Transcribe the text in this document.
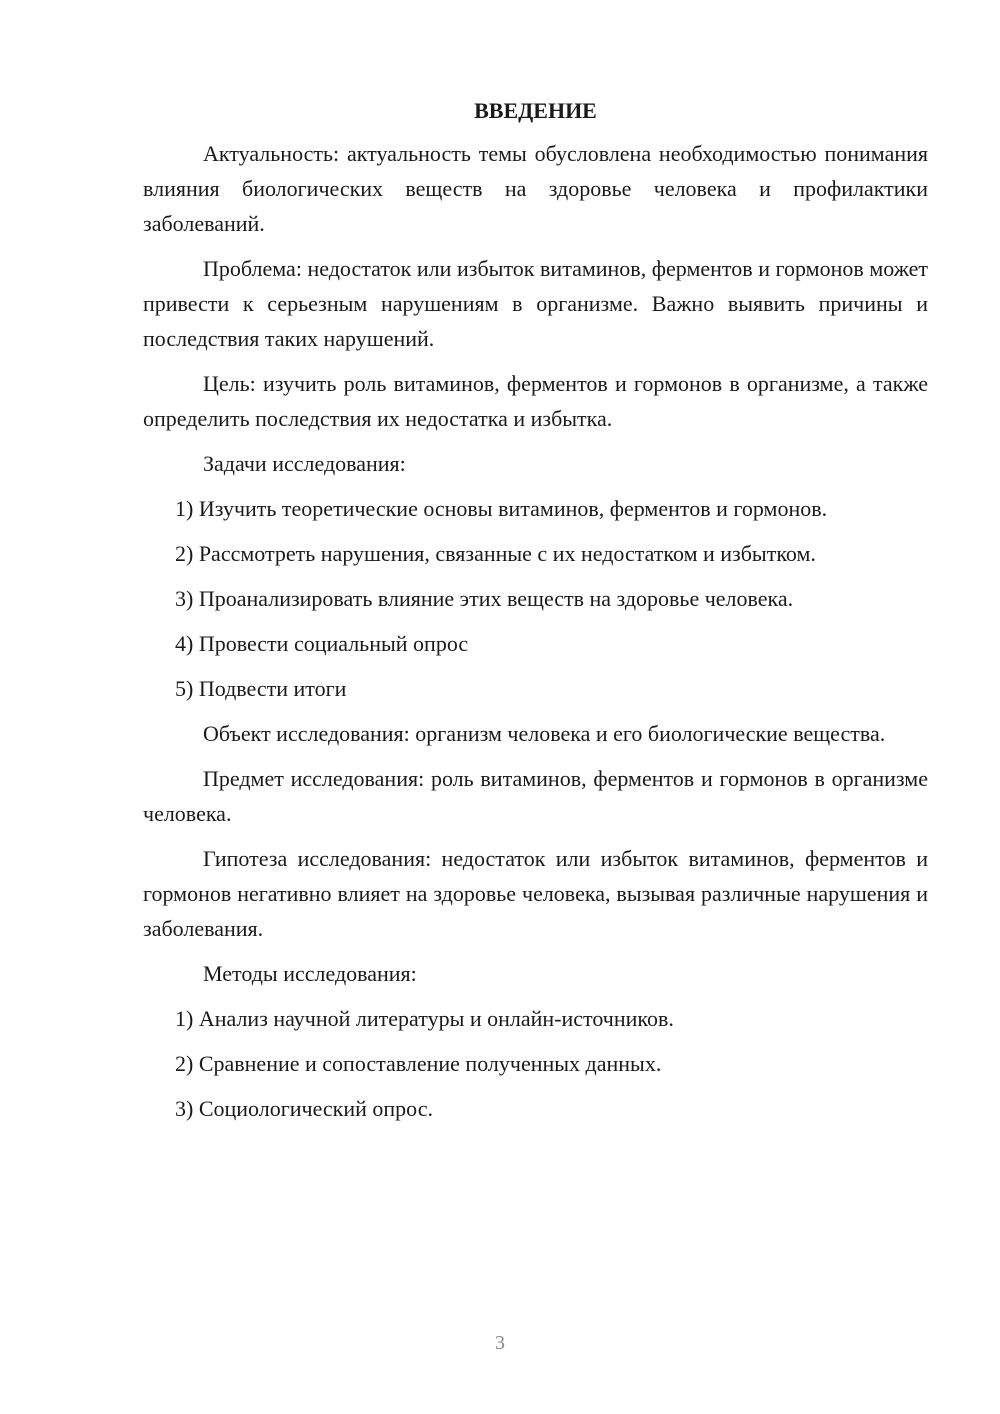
ВВЕДЕНИЕ

Актуальность: актуальность темы обусловлена необходимостью понимания влияния биологических веществ на здоровье человека и профилактики заболеваний.

Проблема: недостаток или избыток витаминов, ферментов и гормонов может привести к серьезным нарушениям в организме. Важно выявить причины и последствия таких нарушений.

Цель: изучить роль витаминов, ферментов и гормонов в организме, а также определить последствия их недостатка и избытка.

Задачи исследования:

1) Изучить теоретические основы витаминов, ферментов и гормонов.
2) Рассмотреть нарушения, связанные с их недостатком и избытком.
3) Проанализировать влияние этих веществ на здоровье человека.
4) Провести социальный опрос
5) Подвести итоги

Объект исследования: организм человека и его биологические вещества.

Предмет исследования: роль витаминов, ферментов и гормонов в организме человека.

Гипотеза исследования: недостаток или избыток витаминов, ферментов и гормонов негативно влияет на здоровье человека, вызывая различные нарушения и заболевания.

Методы исследования:

1) Анализ научной литературы и онлайн-источников.
2) Сравнение и сопоставление полученных данных.
3) Социологический опрос.
3
